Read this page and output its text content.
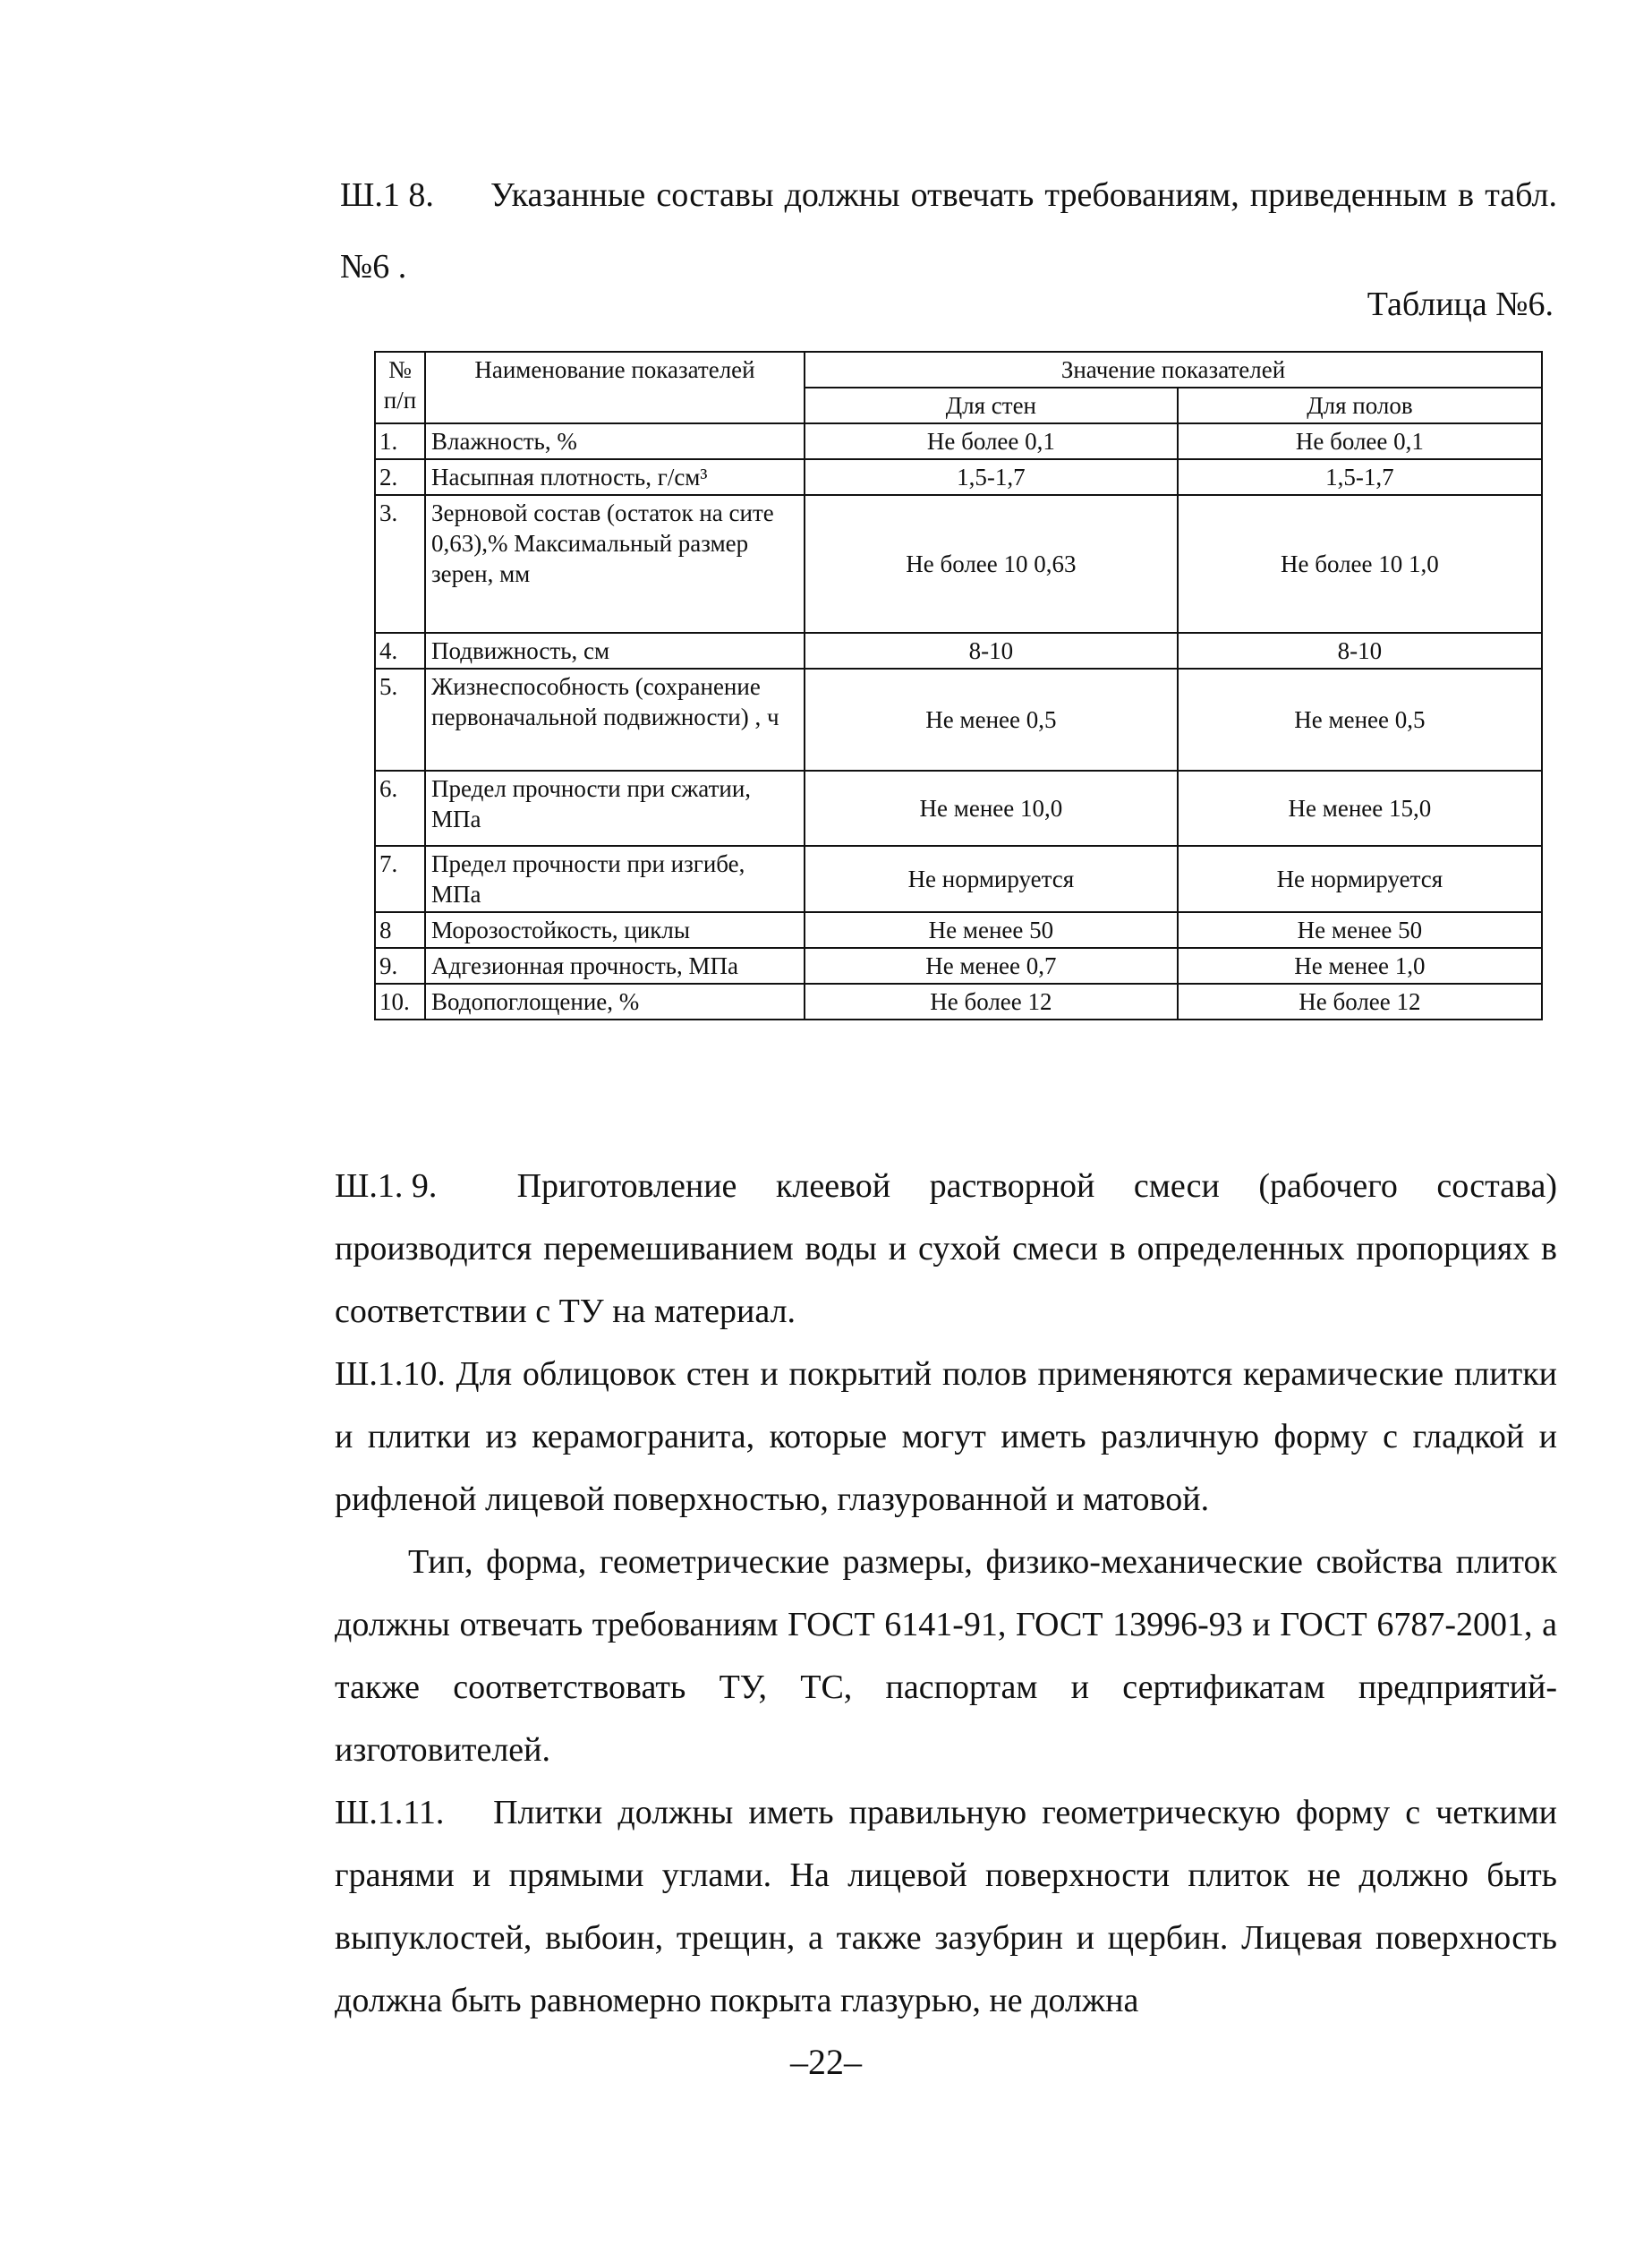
Ш.1 8. Указанные составы должны отвечать требованиям, приведенным в табл. №6 .
Таблица №6.
№ п/п	Наименование показателей	Значение показателей	
		Для стен	Для полов
1.	Влажность, %	Не более 0,1	Не более 0,1
2.	Насыпная плотность, г/см³	1,5-1,7	1,5-1,7
3.	Зерновой состав (остаток на сите 0,63),% Максимальный размер зерен, мм	Не более 10 0,63	Не более 10 1,0
4.	Подвижность, см	8-10	8-10
5.	Жизнеспособность (сохранение первоначальной подвижности) , ч	Не менее 0,5	Не менее 0,5
6.	Предел прочности при сжатии, МПа	Не менее 10,0	Не менее 15,0
7.	Предел прочности при изгибе, МПа	Не нормируется	Не нормируется
8	Морозостойкость, циклы	Не менее 50	Не менее 50
9.	Адгезионная прочность, МПа	Не менее 0,7	Не менее 1,0
10.	Водопоглощение, %	Не более 12	Не более 12

Ш.1. 9. Приготовление клеевой растворной смеси (рабочего состава) производится перемешиванием воды и сухой смеси в определенных пропорциях в соответствии с ТУ на материал.

Ш.1.10. Для облицовок стен и покрытий полов применяются керамические плитки и плитки из керамогранита, которые могут иметь различную форму с гладкой и рифленой лицевой поверхностью, глазурованной и матовой.

Тип, форма, геометрические размеры, физико-механические свойства плиток должны отвечать требованиям ГОСТ 6141-91, ГОСТ 13996-93 и ГОСТ 6787-2001, а также соответствовать ТУ, ТС, паспортам и сертификатам предприятий-изготовителей.

Ш.1.11. Плитки должны иметь правильную геометрическую форму с четкими гранями и прямыми углами. На лицевой поверхности плиток не должно быть выпуклостей, выбоин, трещин, а также зазубрин и щербин. Лицевая поверхность должна быть равномерно покрыта глазурью, не должна

–22–
